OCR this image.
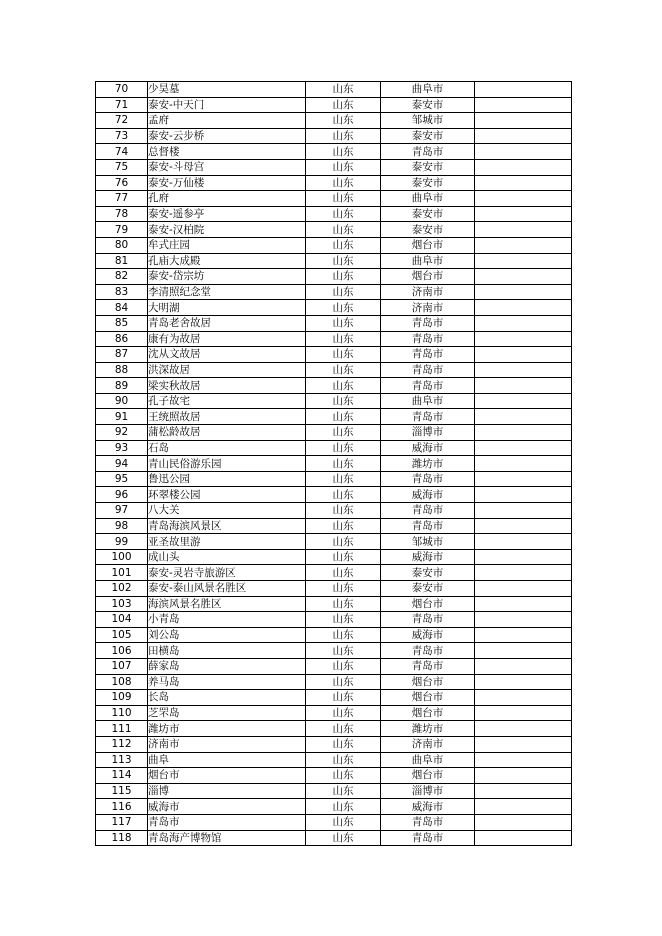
70	少昊墓	山东	曲阜市	
71	泰安-中天门	山东	泰安市	
72	孟府	山东	邹城市	
73	泰安-云步桥	山东	泰安市	
74	总督楼	山东	青岛市	
75	泰安-斗母宫	山东	泰安市	
76	泰安-万仙楼	山东	泰安市	
77	孔府	山东	曲阜市	
78	泰安-遥参亭	山东	泰安市	
79	泰安-汉柏院	山东	泰安市	
80	牟式庄园	山东	烟台市	
81	孔庙大成殿	山东	曲阜市	
82	泰安-岱宗坊	山东	烟台市	
83	李清照纪念堂	山东	济南市	
84	大明湖	山东	济南市	
85	青岛老舍故居	山东	青岛市	
86	康有为故居	山东	青岛市	
87	沈从文故居	山东	青岛市	
88	洪深故居	山东	青岛市	
89	梁实秋故居	山东	青岛市	
90	孔子故宅	山东	曲阜市	
91	王统照故居	山东	青岛市	
92	蒲松龄故居	山东	淄博市	
93	石岛	山东	威海市	
94	青山民俗游乐园	山东	潍坊市	
95	鲁迅公园	山东	青岛市	
96	环翠楼公园	山东	威海市	
97	八大关	山东	青岛市	
98	青岛海滨风景区	山东	青岛市	
99	亚圣故里游	山东	邹城市	
100	成山头	山东	威海市	
101	泰安-灵岩寺旅游区	山东	泰安市	
102	泰安-泰山风景名胜区	山东	泰安市	
103	海滨风景名胜区	山东	烟台市	
104	小青岛	山东	青岛市	
105	刘公岛	山东	威海市	
106	田横岛	山东	青岛市	
107	薛家岛	山东	青岛市	
108	养马岛	山东	烟台市	
109	长岛	山东	烟台市	
110	芝罘岛	山东	烟台市	
111	潍坊市	山东	潍坊市	
112	济南市	山东	济南市	
113	曲阜	山东	曲阜市	
114	烟台市	山东	烟台市	
115	淄博	山东	淄博市	
116	威海市	山东	威海市	
117	青岛市	山东	青岛市	
118	青岛海产博物馆	山东	青岛市	
